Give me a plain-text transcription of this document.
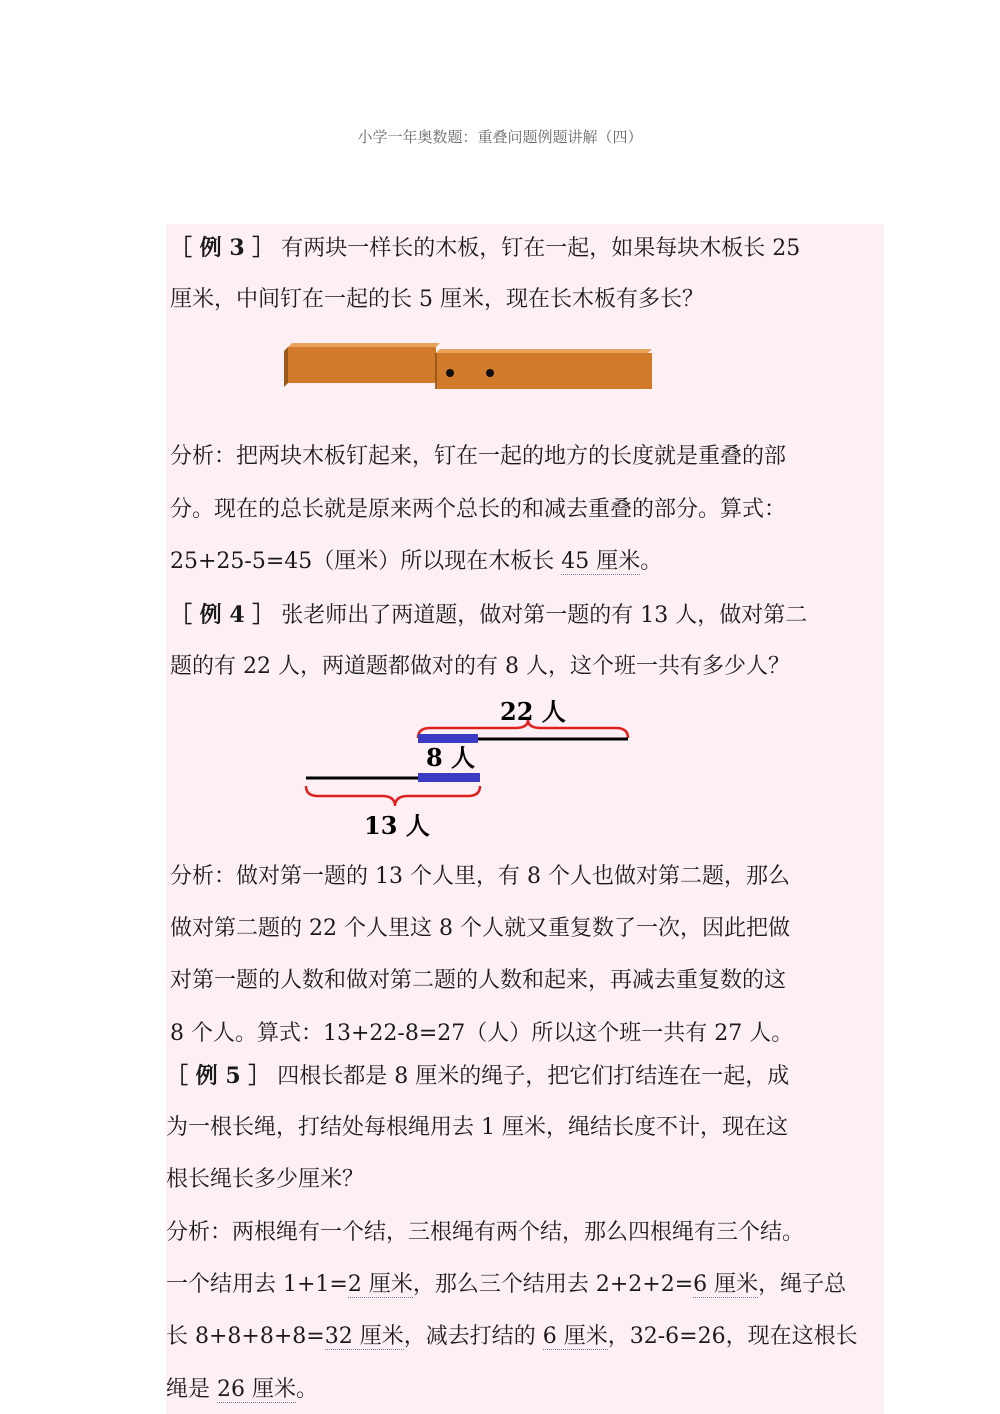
小学一年奥数题：重叠问题例题讲解（四）
［ 例 3 ］ 有两块一样长的木板，钉在一起，如果每块木板长 25
厘米，中间钉在一起的长 5 厘米，现在长木板有多长？
分析：把两块木板钉起来，钉在一起的地方的长度就是重叠的部
分。现在的总长就是原来两个总长的和减去重叠的部分。算式：
25+25-5=45（厘米）所以现在木板长 45 厘米。
［ 例 4 ］ 张老师出了两道题，做对第一题的有 13 人，做对第二
题的有 22 人，两道题都做对的有 8 人，这个班一共有多少人？
22 人
8 人
13 人
分析：做对第一题的 13 个人里，有 8 个人也做对第二题，那么
做对第二题的 22 个人里这 8 个人就又重复数了一次，因此把做
对第一题的人数和做对第二题的人数和起来，再减去重复数的这
8 个人。算式：13+22-8=27（人）所以这个班一共有 27 人。
［ 例 5 ］ 四根长都是 8 厘米的绳子，把它们打结连在一起，成
为一根长绳，打结处每根绳用去 1 厘米，绳结长度不计，现在这
根长绳长多少厘米？
分析：两根绳有一个结，三根绳有两个结，那么四根绳有三个结。
一个结用去 1+1=2 厘米，那么三个结用去 2+2+2=6 厘米，绳子总
长 8+8+8+8=32 厘米，减去打结的 6 厘米，32-6=26，现在这根长
绳是 26 厘米。
